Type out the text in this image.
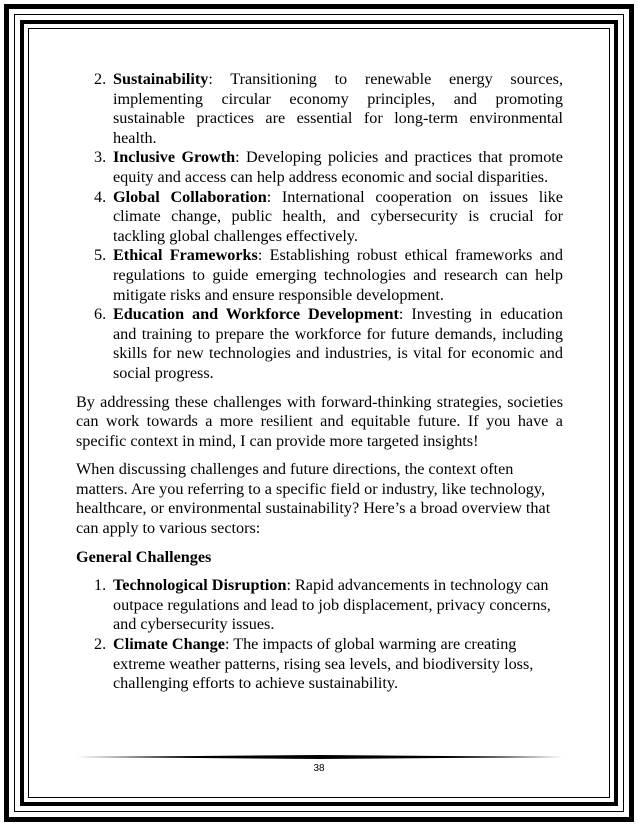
2. Sustainability: Transitioning to renewable energy sources, implementing circular economy principles, and promoting sustainable practices are essential for long-term environmental health.
3. Inclusive Growth: Developing policies and practices that promote equity and access can help address economic and social disparities.
4. Global Collaboration: International cooperation on issues like climate change, public health, and cybersecurity is crucial for tackling global challenges effectively.
5. Ethical Frameworks: Establishing robust ethical frameworks and regulations to guide emerging technologies and research can help mitigate risks and ensure responsible development.
6. Education and Workforce Development: Investing in education and training to prepare the workforce for future demands, including skills for new technologies and industries, is vital for economic and social progress.

By addressing these challenges with forward-thinking strategies, societies can work towards a more resilient and equitable future. If you have a specific context in mind, I can provide more targeted insights!

When discussing challenges and future directions, the context often matters. Are you referring to a specific field or industry, like technology, healthcare, or environmental sustainability? Here’s a broad overview that can apply to various sectors:

General Challenges

1. Technological Disruption: Rapid advancements in technology can outpace regulations and lead to job displacement, privacy concerns, and cybersecurity issues.
2. Climate Change: The impacts of global warming are creating extreme weather patterns, rising sea levels, and biodiversity loss, challenging efforts to achieve sustainability.
38
